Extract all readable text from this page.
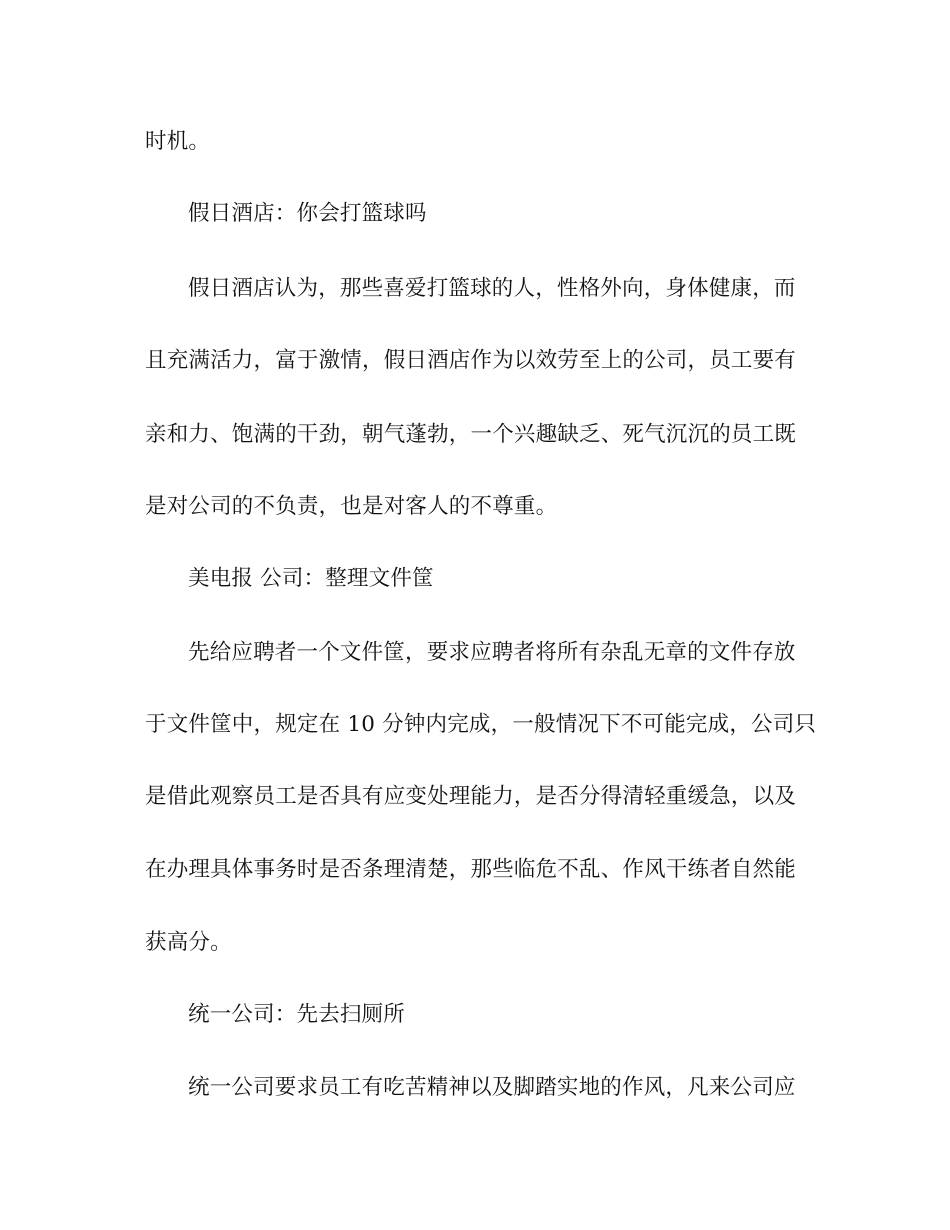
时机。
假日酒店：你会打篮球吗
假日酒店认为，那些喜爱打篮球的人，性格外向，身体健康，而
且充满活力，富于激情，假日酒店作为以效劳至上的公司，员工要有
亲和力、饱满的干劲，朝气蓬勃，一个兴趣缺乏、死气沉沉的员工既
是对公司的不负责，也是对客人的不尊重。
美电报 公司：整理文件筐
先给应聘者一个文件筐，要求应聘者将所有杂乱无章的文件存放
于文件筐中，规定在 10 分钟内完成，一般情况下不可能完成，公司只
是借此观察员工是否具有应变处理能力，是否分得清轻重缓急，以及
在办理具体事务时是否条理清楚，那些临危不乱、作风干练者自然能
获高分。
统一公司：先去扫厕所
统一公司要求员工有吃苦精神以及脚踏实地的作风，凡来公司应
